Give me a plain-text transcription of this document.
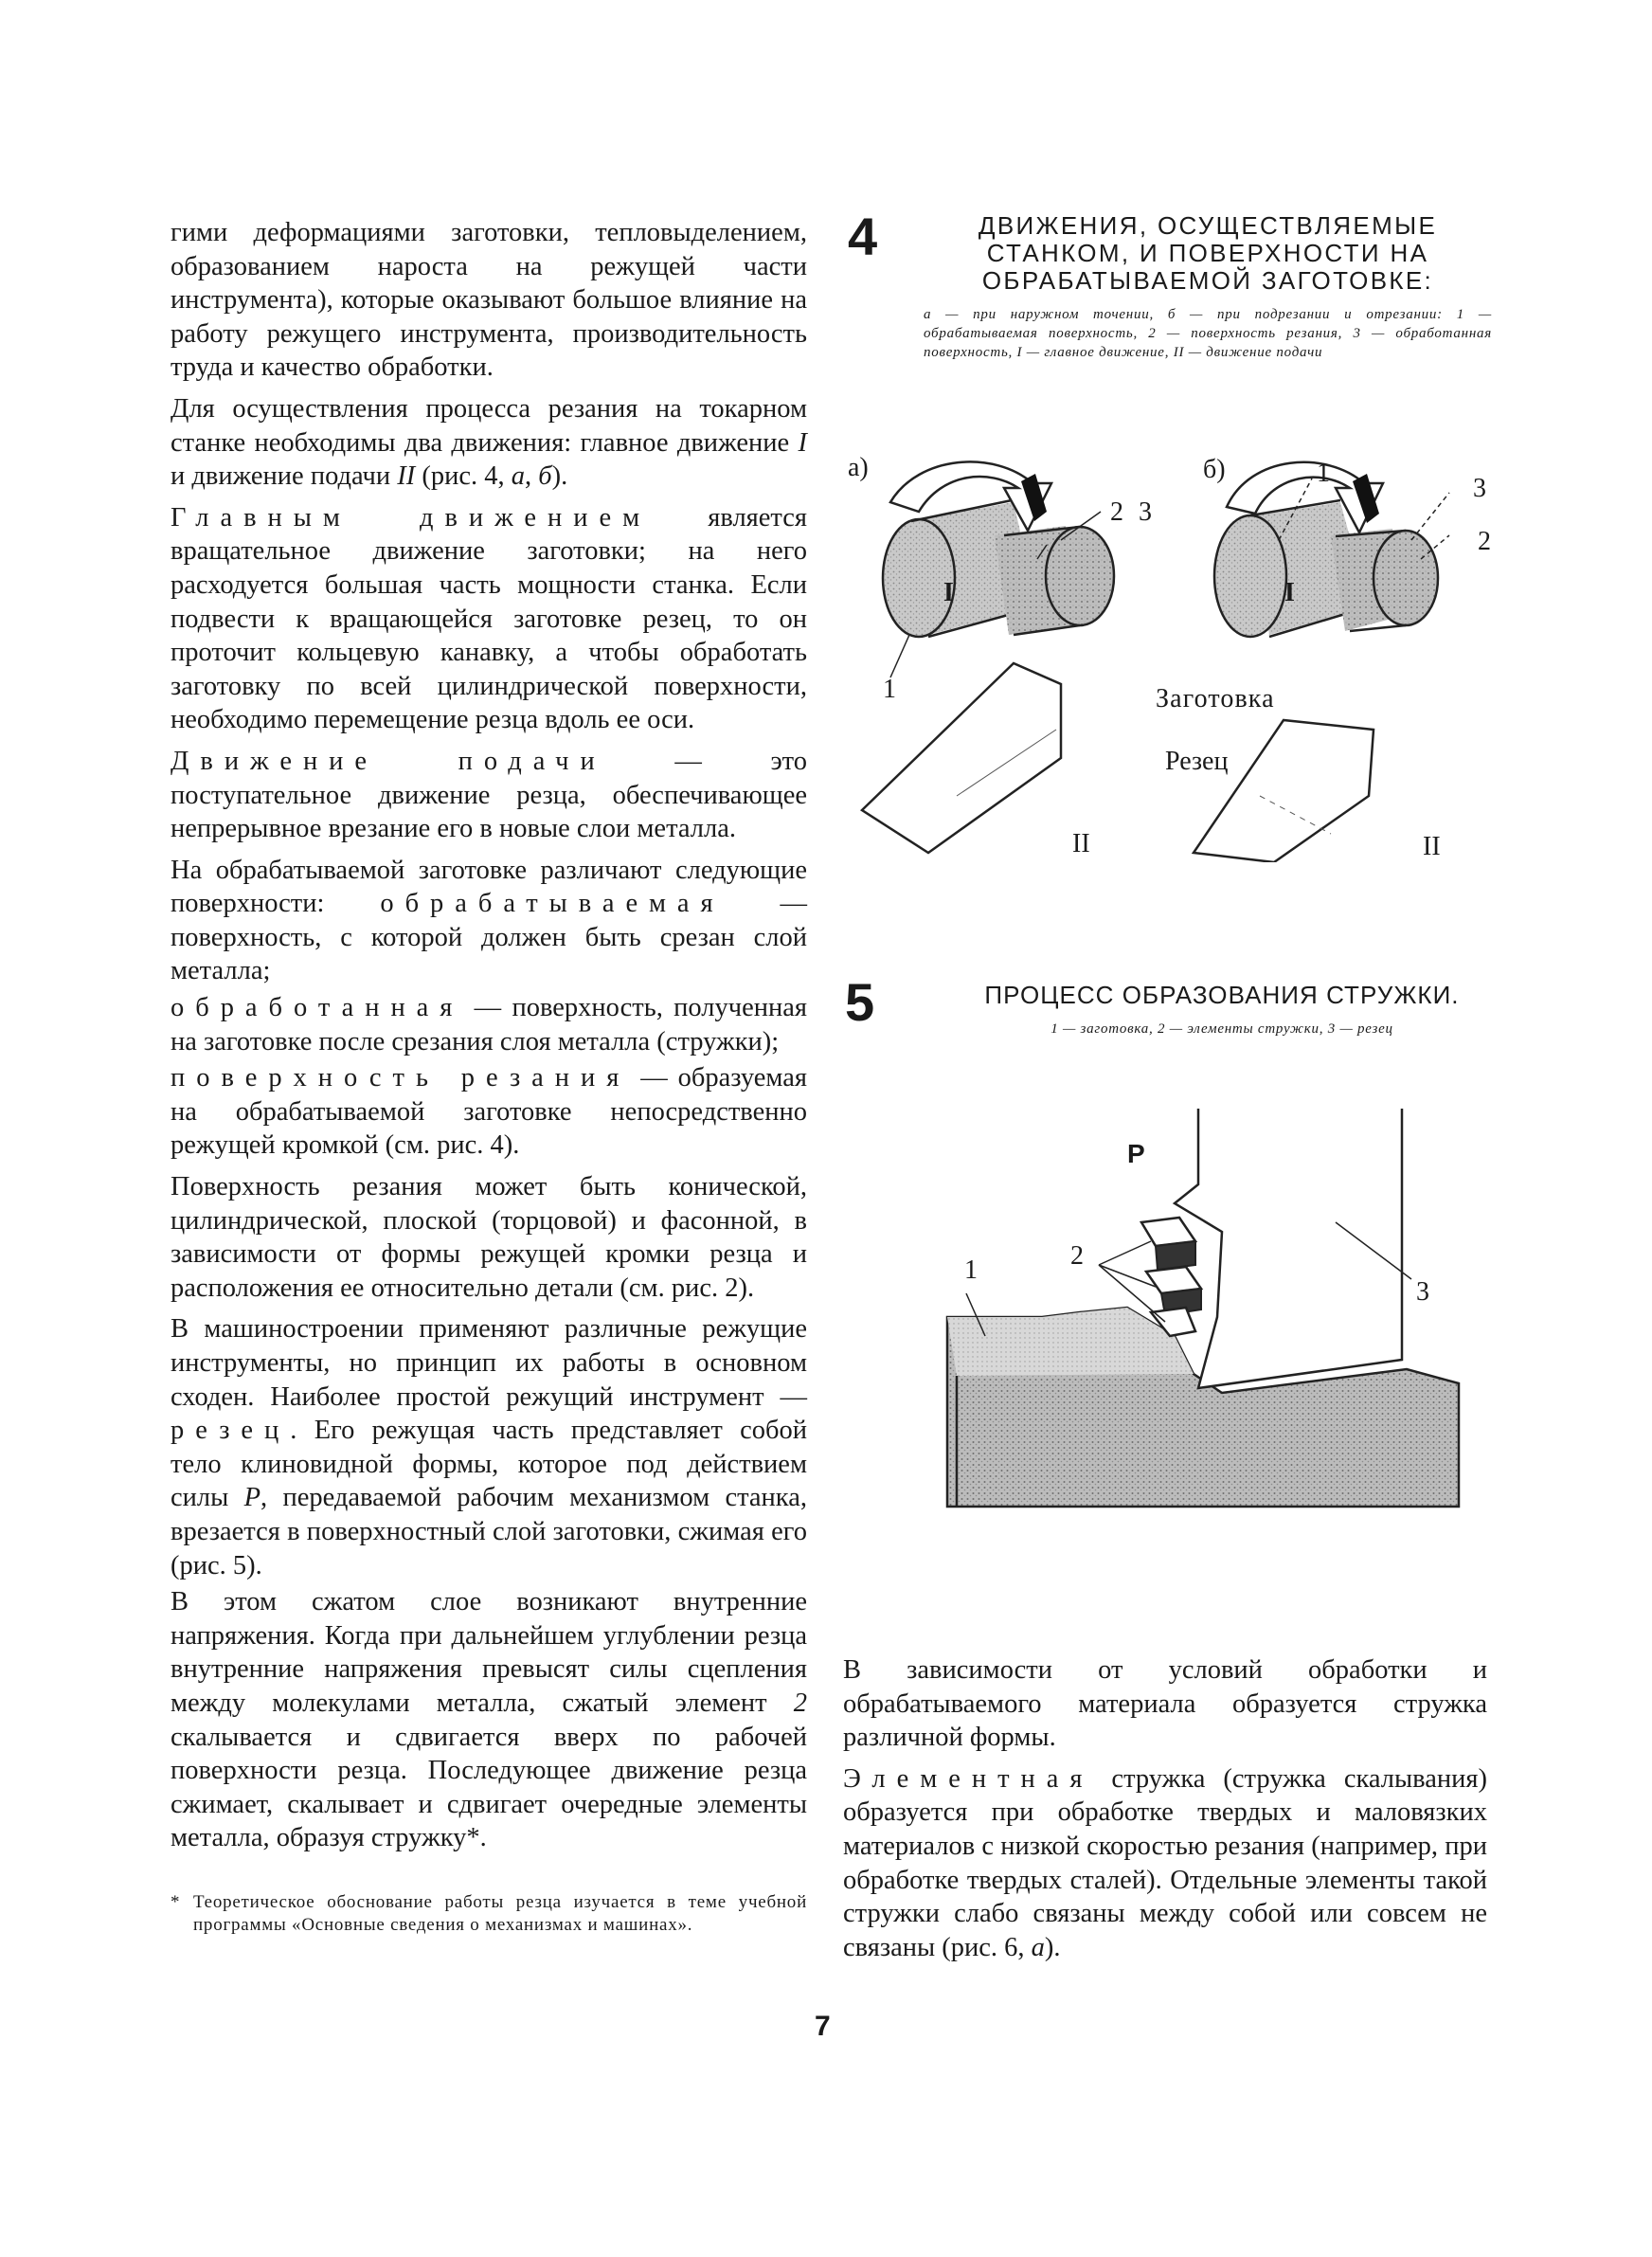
гими деформациями заготовки, тепловыделением, образованием нароста на режущей части инструмента), которые оказывают большое влияние на работу режущего инструмента, производительность труда и качество обработки.

Для осуществления процесса резания на токарном станке необходимы два движения: главное движение I и движение подачи II (рис. 4, а, б).

Главным движением является вращательное движение заготовки; на него расходуется большая часть мощности станка. Если подвести к вращающейся заготовке резец, то он проточит кольцевую канавку, а чтобы обработать заготовку по всей цилиндрической поверхности, необходимо перемещение резца вдоль ее оси.

Движение подачи — это поступательное движение резца, обеспечивающее непрерывное врезание его в новые слои металла.

На обрабатываемой заготовке различают следующие поверхности: обрабатываемая — поверхность, с которой должен быть срезан слой металла;

обработанная — поверхность, полученная на заготовке после срезания слоя металла (стружки);

поверхность резания — образуемая на обрабатываемой заготовке непосредственно режущей кромкой (см. рис. 4).

Поверхность резания может быть конической, цилиндрической, плоской (торцовой) и фасонной, в зависимости от формы режущей кромки резца и расположения ее относительно детали (см. рис. 2).

В машиностроении применяют различные режущие инструменты, но принцип их работы в основном сходен. Наиболее простой режущий инструмент — резец. Его режущая часть представляет собой тело клиновидной формы, которое под действием силы P, передаваемой рабочим механизмом станка, врезается в поверхностный слой заготовки, сжимая его (рис. 5).

В этом сжатом слое возникают внутренние напряжения. Когда при дальнейшем углублении резца внутренние напряжения превысят силы сцепления между молекулами металла, сжатый элемент 2 скалывается и сдвигается вверх по рабочей поверхности резца. Последующее движение резца сжимает, скалывает и сдвигает очередные элементы металла, образуя стружку*.

* Теоретическое обоснование работы резца изучается в теме учебной программы «Основные сведения о механизмах и машинах».
4	ДВИЖЕНИЯ, ОСУЩЕСТВЛЯЕМЫЕ СТАНКОМ, И ПОВЕРХНОСТИ НА ОБРАБАТЫВАЕМОЙ ЗАГОТОВКЕ:
а — при наружном точении, б — при подрезании и отрезании: 1 — обрабатываемая поверхность, 2 — поверхность резания, 3 — обработанная поверхность, I — главное движение, II — движение подачи
а)	б)
1
2 3
I
II
1
2
3
I
II
Заготовка
Резец
5	ПРОЦЕСС ОБРАЗОВАНИЯ СТРУЖКИ.
1 — заготовка, 2 — элементы стружки, 3 — резец
P
1	2
3

В зависимости от условий обработки и обрабатываемого материала образуется стружка различной формы.

Элементная стружка (стружка скалывания) образуется при обработке твердых и маловязких материалов с низкой скоростью резания (например, при обработке твердых сталей). Отдельные элементы такой стружки слабо связаны между собой или совсем не связаны (рис. 6, а).

7
